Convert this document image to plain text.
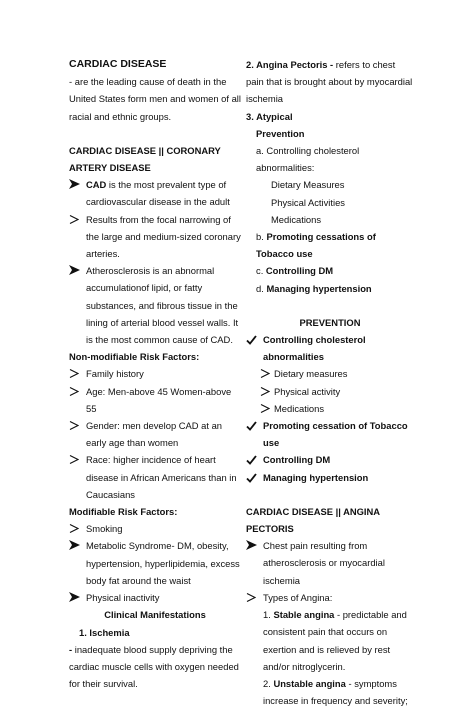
CARDIAC DISEASE
- are the leading cause of death in the United States form men and women of all racial and ethnic groups.
CARDIAC DISEASE || CORONARY ARTERY DISEASE
CAD is the most prevalent type of cardiovascular disease in the adult
Results from the focal narrowing of the large and medium-sized coronary arteries.
Atherosclerosis is an abnormal accumulationof lipid, or fatty substances, and fibrous tissue in the lining of arterial blood vessel walls. It is the most common cause of CAD.
Non-modifiable Risk Factors:
Family history
Age: Men-above 45 Women-above 55
Gender: men develop CAD at an early age than women
Race: higher incidence of heart disease in African Americans than in Caucasians
Modifiable Risk Factors:
Smoking
Metabolic Syndrome- DM, obesity, hypertension, hyperlipidemia, excess body fat around the waist
Physical inactivity
Clinical Manifestations
1. Ischemia
- inadequate blood supply depriving the cardiac muscle cells with oxygen needed for their survival.
2. Angina Pectoris - refers to chest pain that is brought about by myocardial ischemia
3. Atypical
Prevention
a. Controlling cholesterol abnormalities:
Dietary Measures
Physical Activities
Medications
b. Promoting cessations of Tobacco use
c. Controlling DM
d. Managing hypertension
PREVENTION
Controlling cholesterol abnormalities
Dietary measures
Physical activity
Medications
Promoting cessation of Tobacco use
Controlling DM
Managing hypertension
CARDIAC DISEASE || ANGINA PECTORIS
Chest pain resulting from atherosclerosis or myocardial ischemia
Types of Angina:
1. Stable angina - predictable and consistent pain that occurs on exertion and is relieved by rest and/or nitroglycerin.
2. Unstable angina - symptoms increase in frequency and severity;
